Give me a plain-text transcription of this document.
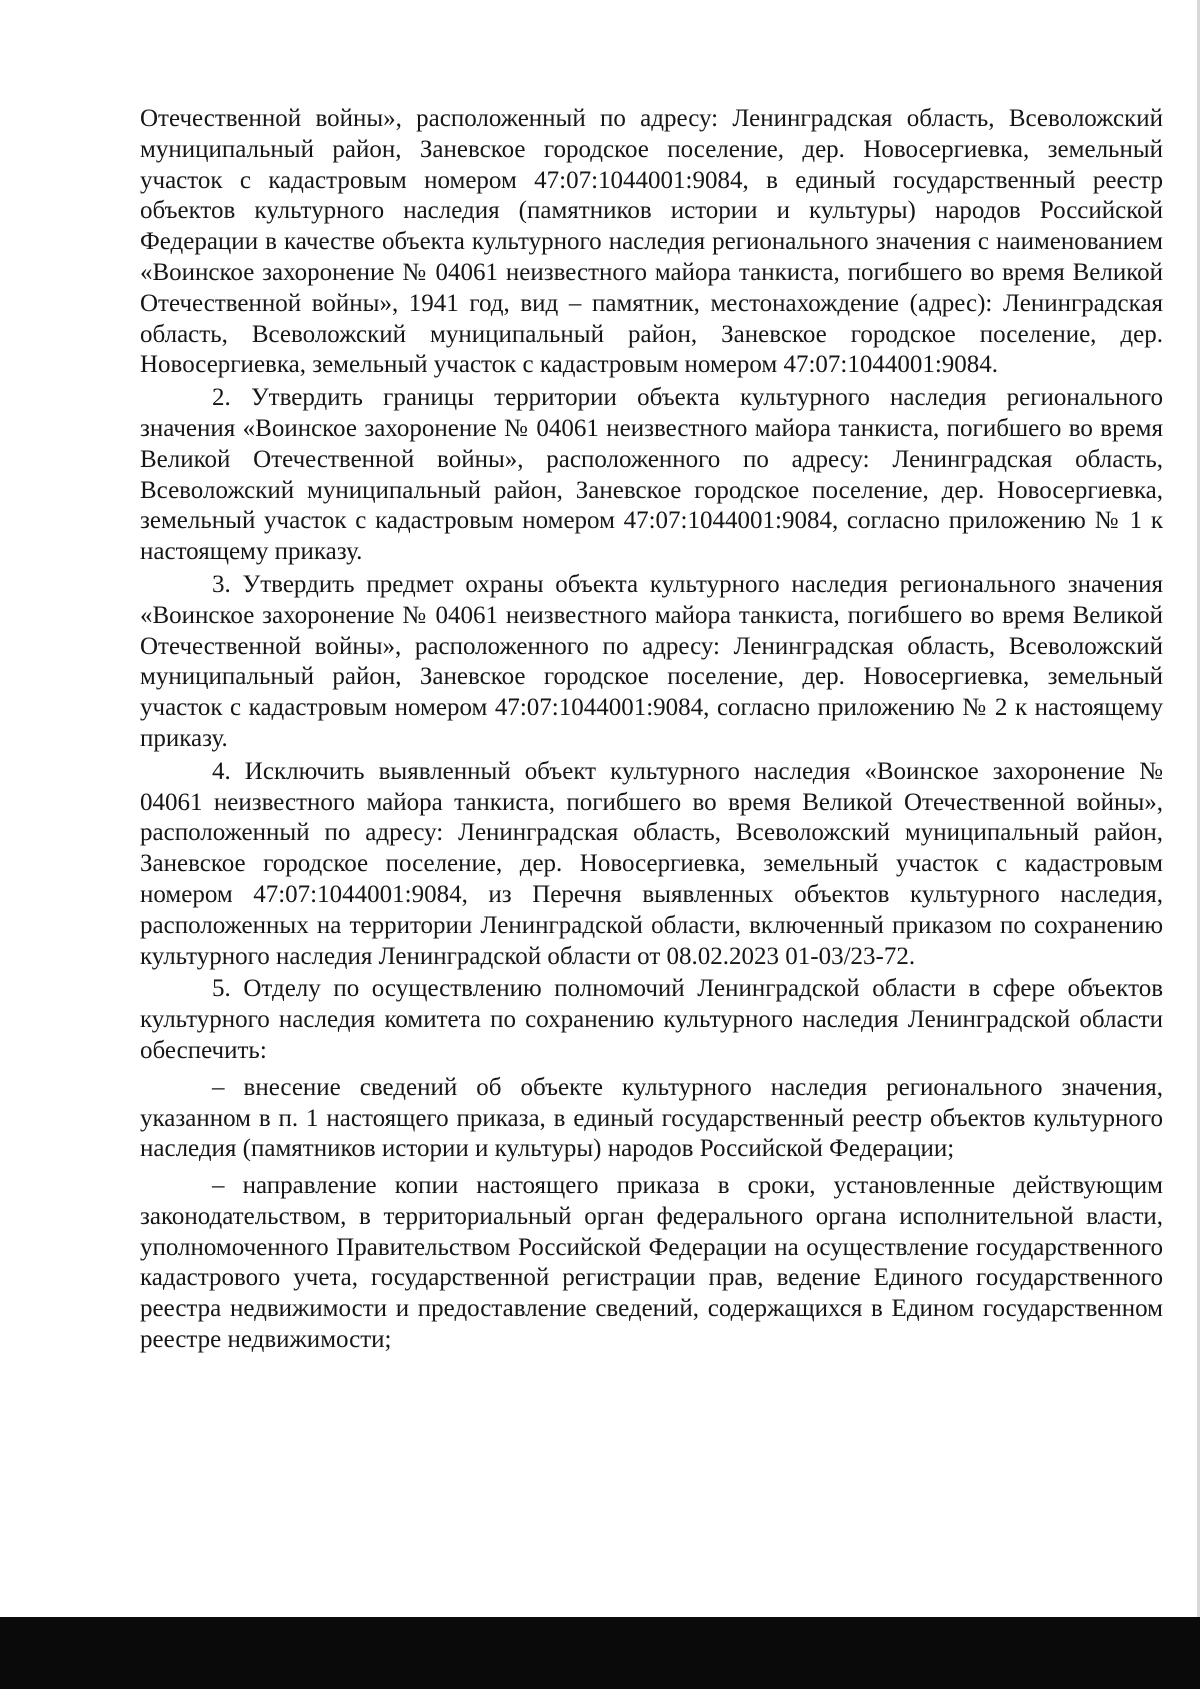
Отечественной войны», расположенный по адресу: Ленинградская область, Всеволожский муниципальный район, Заневское городское поселение, дер. Новосергиевка, земельный участок с кадастровым номером 47:07:1044001:9084, в единый государственный реестр объектов культурного наследия (памятников истории и культуры) народов Российской Федерации в качестве объекта культурного наследия регионального значения с наименованием «Воинское захоронение № 04061 неизвестного майора танкиста, погибшего во время Великой Отечественной войны», 1941 год, вид – памятник, местонахождение (адрес): Ленинградская область, Всеволожский муниципальный район, Заневское городское поселение, дер. Новосергиевка, земельный участок с кадастровым номером 47:07:1044001:9084.

2. Утвердить границы территории объекта культурного наследия регионального значения «Воинское захоронение № 04061 неизвестного майора танкиста, погибшего во время Великой Отечественной войны», расположенного по адресу: Ленинградская область, Всеволожский муниципальный район, Заневское городское поселение, дер. Новосергиевка, земельный участок с кадастровым номером 47:07:1044001:9084, согласно приложению № 1 к настоящему приказу.

3. Утвердить предмет охраны объекта культурного наследия регионального значения «Воинское захоронение № 04061 неизвестного майора танкиста, погибшего во время Великой Отечественной войны», расположенного по адресу: Ленинградская область, Всеволожский муниципальный район, Заневское городское поселение, дер. Новосергиевка, земельный участок с кадастровым номером 47:07:1044001:9084, согласно приложению № 2 к настоящему приказу.

4. Исключить выявленный объект культурного наследия «Воинское захоронение № 04061 неизвестного майора танкиста, погибшего во время Великой Отечественной войны», расположенный по адресу: Ленинградская область, Всеволожский муниципальный район, Заневское городское поселение, дер. Новосергиевка, земельный участок с кадастровым номером 47:07:1044001:9084, из Перечня выявленных объектов культурного наследия, расположенных на территории Ленинградской области, включенный приказом по сохранению культурного наследия Ленинградской области от 08.02.2023 01-03/23-72.

5. Отделу по осуществлению полномочий Ленинградской области в сфере объектов культурного наследия комитета по сохранению культурного наследия Ленинградской области обеспечить:

– внесение сведений об объекте культурного наследия регионального значения, указанном в п. 1 настоящего приказа, в единый государственный реестр объектов культурного наследия (памятников истории и культуры) народов Российской Федерации;

– направление копии настоящего приказа в сроки, установленные действующим законодательством, в территориальный орган федерального органа исполнительной власти, уполномоченного Правительством Российской Федерации на осуществление государственного кадастрового учета, государственной регистрации прав, ведение Единого государственного реестра недвижимости и предоставление сведений, содержащихся в Едином государственном реестре недвижимости;
